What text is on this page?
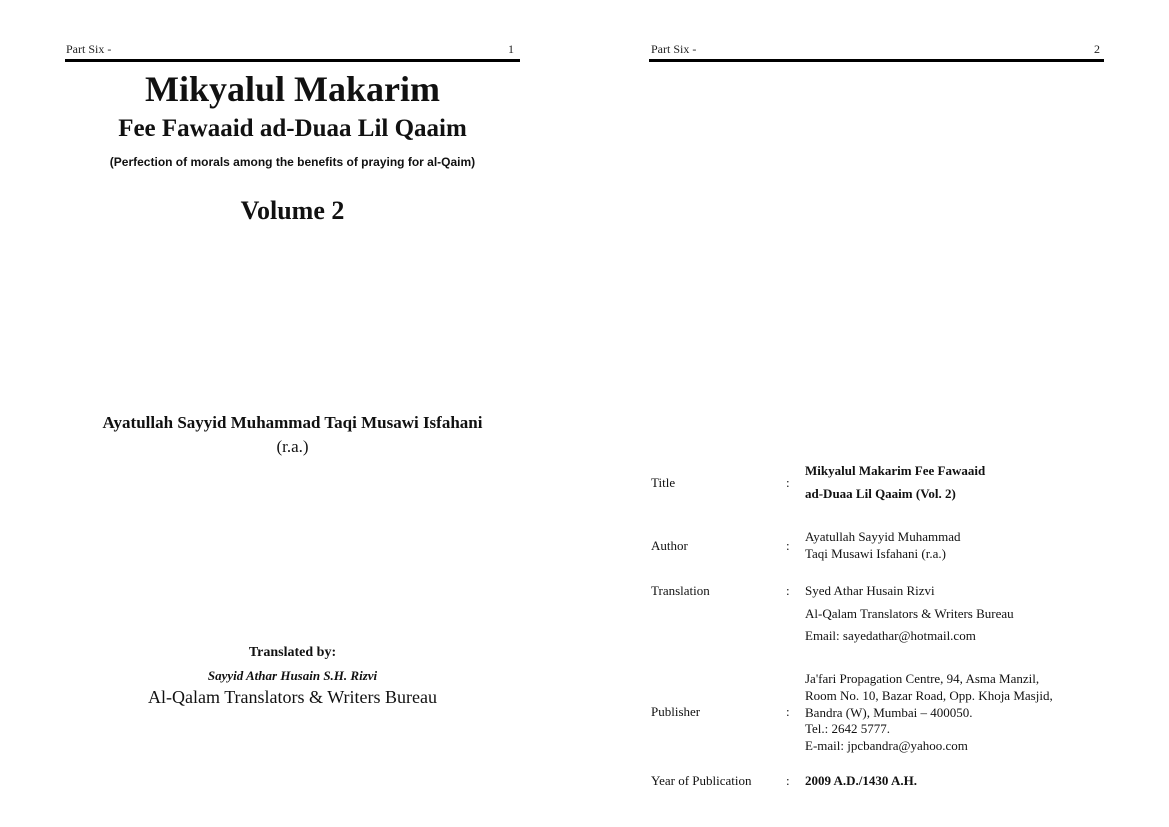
Part Six -	1
Mikyalul Makarim
Fee Fawaaid ad-Duaa Lil Qaaim
(Perfection of morals among the benefits of praying for al-Qaim)
Volume 2
Ayatullah Sayyid Muhammad Taqi Musawi Isfahani
(r.a.)
Translated by:
Sayyid Athar Husain S.H. Rizvi
Al-Qalam Translators & Writers Bureau
Part Six -	2
Title	:
Mikyalul Makarim Fee Fawaaid
ad-Duaa Lil Qaaim (Vol. 2)
Author	:
Ayatullah Sayyid Muhammad
Taqi Musawi Isfahani (r.a.)
Translation	: Syed Athar Husain Rizvi
Al-Qalam Translators & Writers Bureau
Email: sayedathar@hotmail.com
Publisher	:
Ja'fari Propagation Centre, 94, Asma Manzil,
Room No. 10, Bazar Road, Opp. Khoja Masjid,
Bandra (W), Mumbai – 400050.
Tel.: 2642 5777.
E-mail: jpcbandra@yahoo.com
Year of Publication	: 2009 A.D./1430 A.H.
